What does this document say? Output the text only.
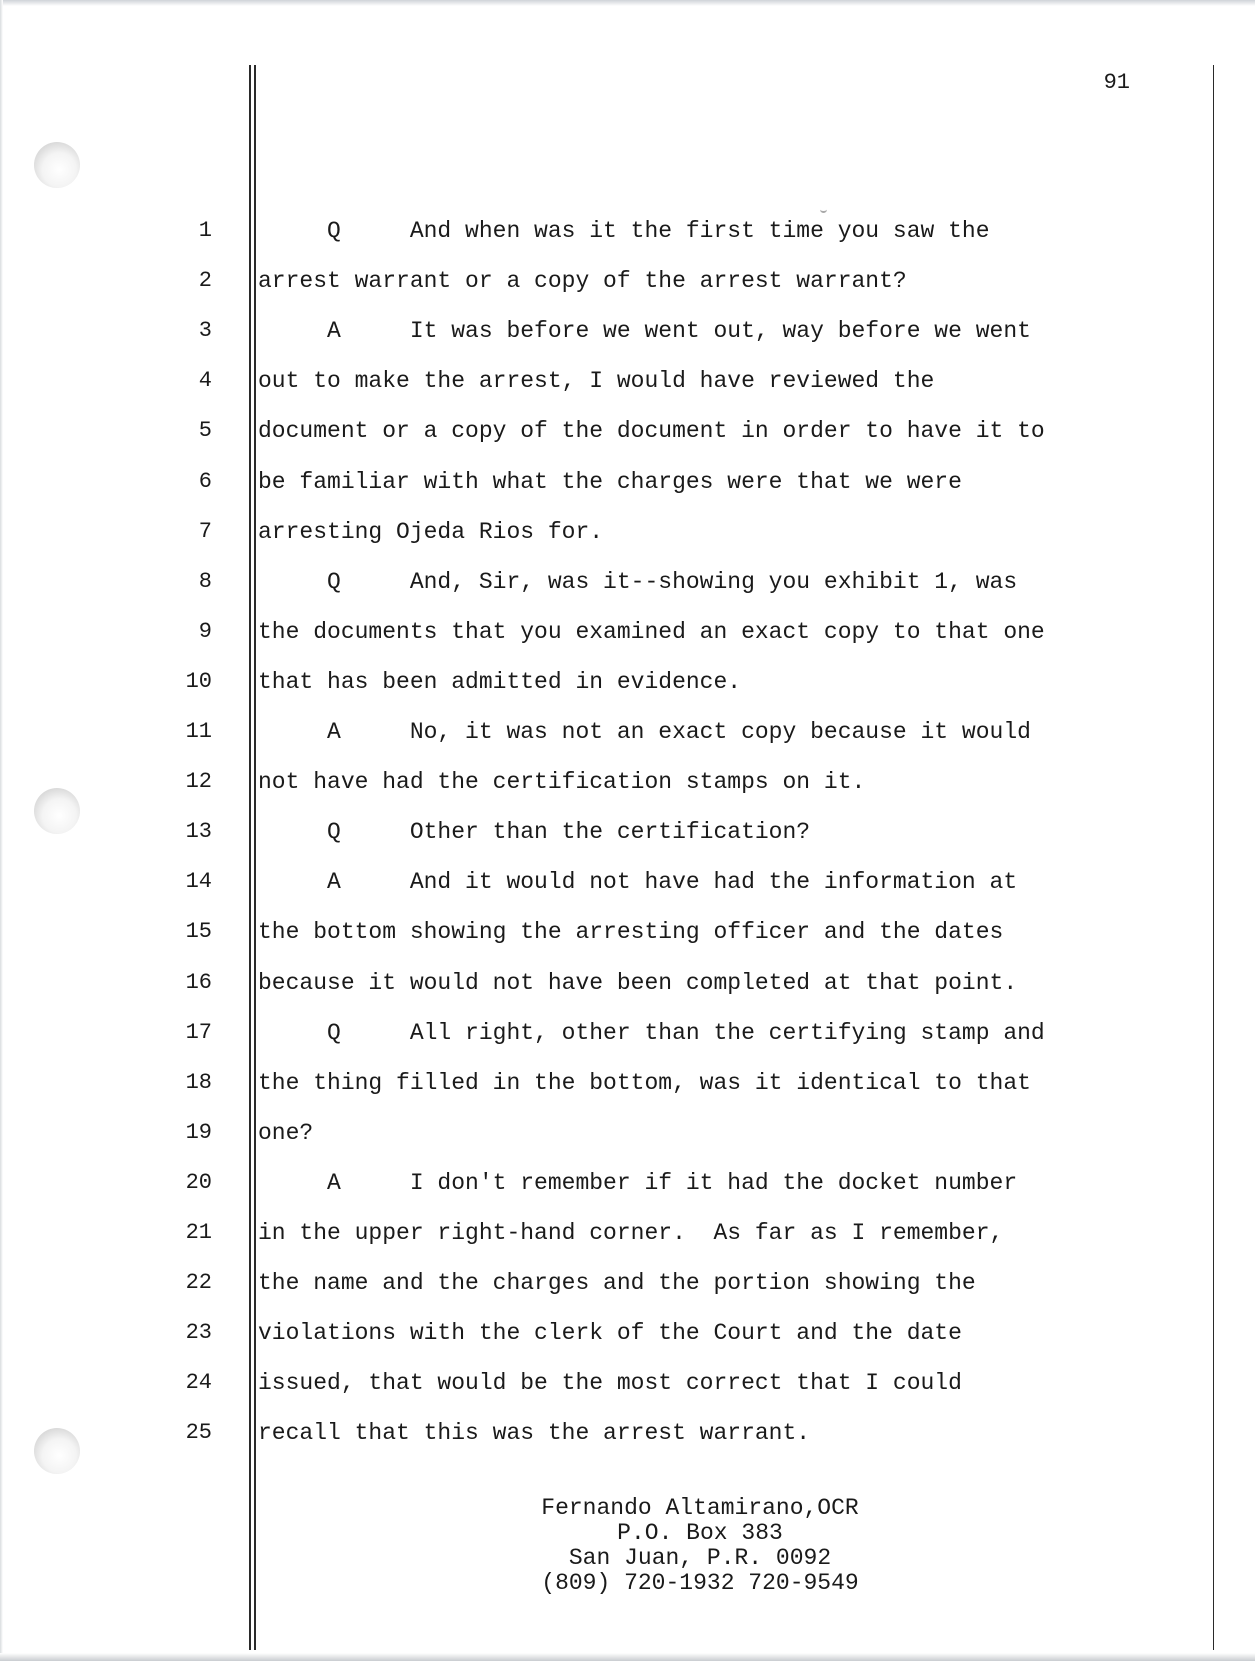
91
1 Q     And when was it the first time you saw the
2 arrest warrant or a copy of the arrest warrant?
3 A     It was before we went out, way before we went
4 out to make the arrest, I would have reviewed the
5 document or a copy of the document in order to have it to
6 be familiar with what the charges were that we were
7 arresting Ojeda Rios for.
8 Q     And, Sir, was it--showing you exhibit 1, was
9 the documents that you examined an exact copy to that one
10 that has been admitted in evidence.
11 A     No, it was not an exact copy because it would
12 not have had the certification stamps on it.
13 Q     Other than the certification?
14 A     And it would not have had the information at
15 the bottom showing the arresting officer and the dates
16 because it would not have been completed at that point.
17 Q     All right, other than the certifying stamp and
18 the thing filled in the bottom, was it identical to that
19 one?
20 A     I don't remember if it had the docket number
21 in the upper right-hand corner.  As far as I remember,
22 the name and the charges and the portion showing the
23 violations with the clerk of the Court and the date
24 issued, that would be the most correct that I could
25 recall that this was the arrest warrant.
Fernando Altamirano,OCR
P.O. Box 383
San Juan, P.R. 0092
(809) 720-1932 720-9549
